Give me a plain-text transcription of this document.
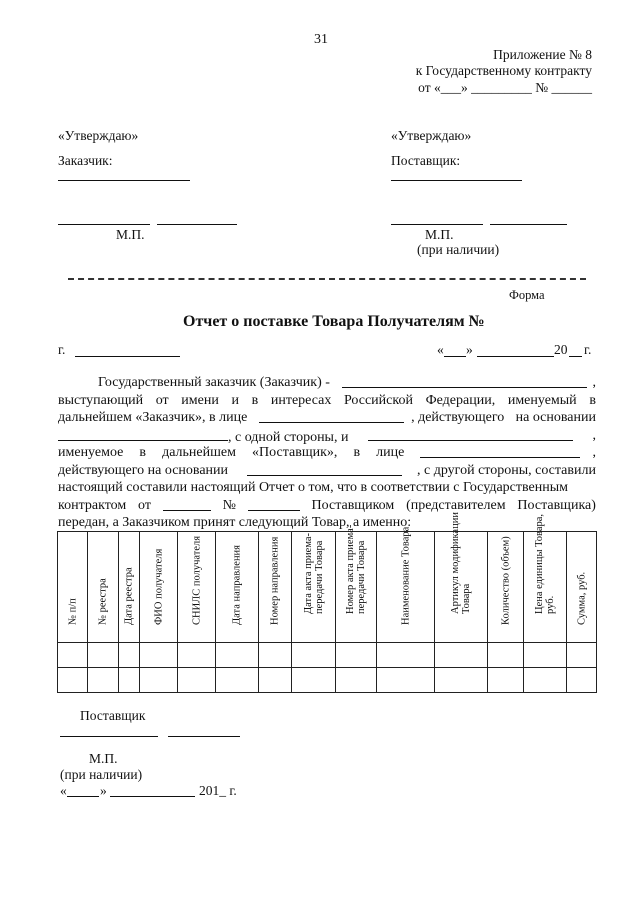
31
Приложение № 8
к Государственному контракту
от «___» _________ № ______
«Утверждаю»
Заказчик:
М.П.
«Утверждаю»
Поставщик:
М.П.
(при наличии)
Форма
Отчет о поставке Товара Получателям №
г.	« »	20 г.
Государственный заказчик (Заказчик) -	,
выступающий от имени и в интересах Российской Федерации, именуемый в
дальнейшем «Заказчик», в лице	, действующего на основании
, с одной стороны, и	,
именуемое в дальнейшем «Поставщик», в лице	,
действующего на основании	, с другой стороны, составили
настоящий составили настоящий Отчет о том, что в соответствии с Государственным
контрактом от	№	Поставщиком (представителем Поставщика)
передан, а Заказчиком принят следующий Товар, а именно:
№ п/п	№ реестра	Дата реестра	ФИО получателя	СНИЛС получателя	Дата направления	Номер направления	Дата акта приема-передачи Товара	Номер акта приема-передачи Товара	Наименование Товара	Артикул модификации Товара	Количество (объем)	Цена единицы Товара, руб.	Сумма, руб.

Поставщик
М.П.
(при наличии)
« »	201_ г.
